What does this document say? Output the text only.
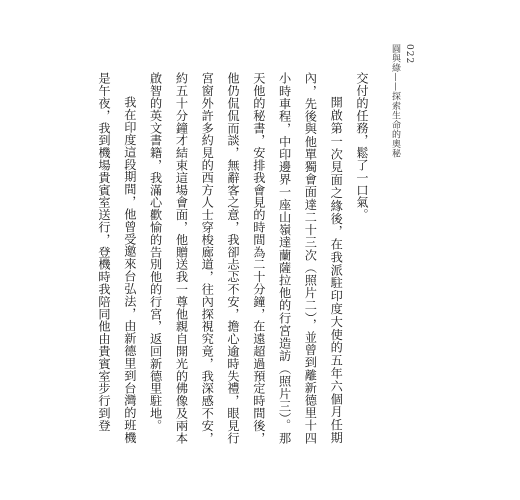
圓與綠——探索生命的奧秘 022

交付的任務，鬆了一口氣。

開啟第一次見面之緣後，在我派駐印度大使的五年六個月任期內，先後與他單獨會面達二十三次（照片二），並曾到離新德里十四小時車程，中印邊界一座山嶺達蘭薩拉他的行宮造訪（照片三）。那天他的秘書，安排我會見的時間為二十分鐘，在遠超過預定時間後，他仍侃侃而談，無辭客之意，我卻忐忑不安，擔心逾時失禮，眼見行宮窗外許多約見的西方人士穿梭廊道，往內探視究竟，我深感不安，約五十分鐘才結束這場會面，他贈送我一尊他親自開光的佛像及兩本啟智的英文書籍，我滿心歡愉的告別他的行宮，返回新德里駐地。

我在印度這段期間，他曾受邀來台弘法，由新德里到台灣的班機是午夜，我到機場貴賓室送行，登機時我陪同他由貴賓室步行到登
